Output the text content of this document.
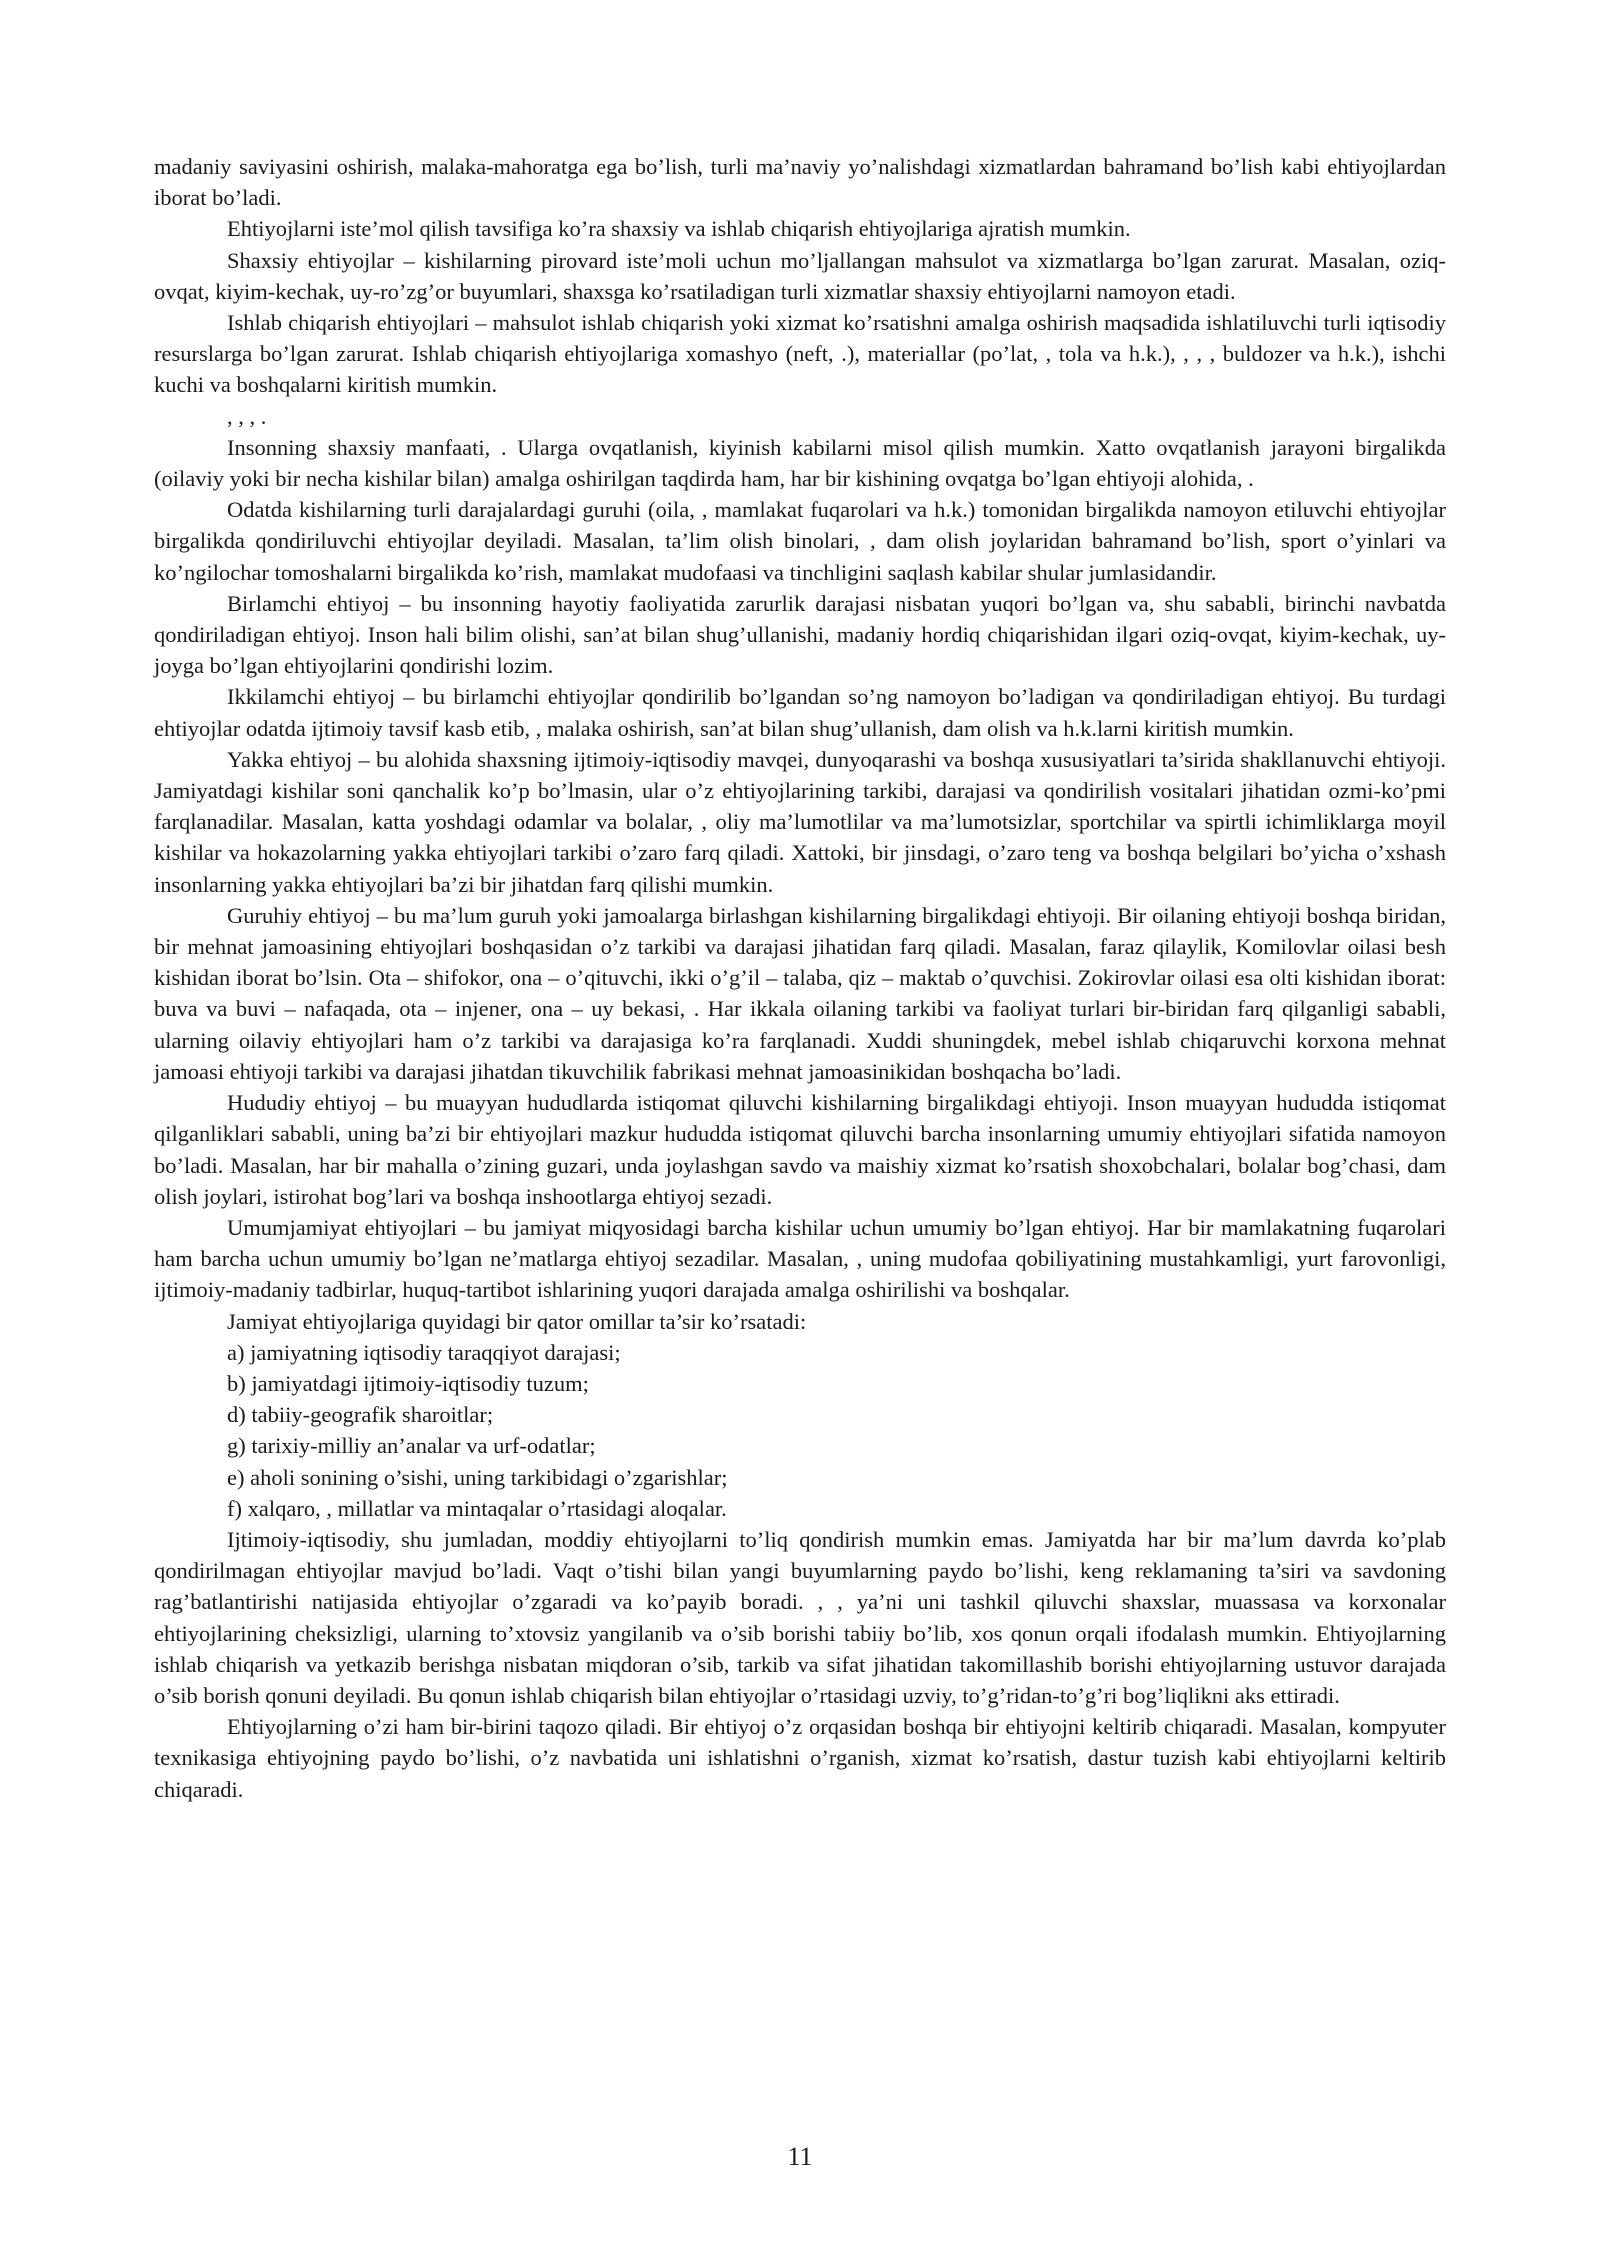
madaniy saviyasini oshirish, malaka-mahoratga ega bo’lish, turli ma’naviy yo’nalishdagi xizmatlardan bahramand bo’lish kabi ehtiyojlardan iborat bo’ladi.

Ehtiyojlarni iste’mol qilish tavsifiga ko’ra shaxsiy va ishlab chiqarish ehtiyojlariga ajratish mumkin.

Shaxsiy ehtiyojlar – kishilarning pirovard iste’moli uchun mo’ljallangan mahsulot va xizmatlarga bo’lgan zarurat. Masalan, oziq-ovqat, kiyim-kechak, uy-ro’zg’or buyumlari, shaxsga ko’rsatiladigan turli xizmatlar shaxsiy ehtiyojlarni namoyon etadi.

Ishlab chiqarish ehtiyojlari – mahsulot ishlab chiqarish yoki xizmat ko’rsatishni amalga oshirish maqsadida ishlatiluvchi turli iqtisodiy resurslarga bo’lgan zarurat. Ishlab chiqarish ehtiyojlariga xomashyo (neft, .), materiallar (po’lat, , tola va h.k.), , , , buldozer va h.k.), ishchi kuchi va boshqalarni kiritish mumkin.

, , , .

Insonning shaxsiy manfaati, . Ularga ovqatlanish, kiyinish kabilarni misol qilish mumkin. Xatto ovqatlanish jarayoni birgalikda (oilaviy yoki bir necha kishilar bilan) amalga oshirilgan taqdirda ham, har bir kishining ovqatga bo’lgan ehtiyoji alohida, .

Odatda kishilarning turli darajalardagi guruhi (oila, , mamlakat fuqarolari va h.k.) tomonidan birgalikda namoyon etiluvchi ehtiyojlar birgalikda qondiriluvchi ehtiyojlar deyiladi. Masalan, ta’lim olish binolari, , dam olish joylaridan bahramand bo’lish, sport o’yinlari va ko’ngilochar tomoshalarni birgalikda ko’rish, mamlakat mudofaasi va tinchligini saqlash kabilar shular jumlasidandir.

Birlamchi ehtiyoj – bu insonning hayotiy faoliyatida zarurlik darajasi nisbatan yuqori bo’lgan va, shu sababli, birinchi navbatda qondiriladigan ehtiyoj. Inson hali bilim olishi, san’at bilan shug’ullanishi, madaniy hordiq chiqarishidan ilgari oziq-ovqat, kiyim-kechak, uy-joyga bo’lgan ehtiyojlarini qondirishi lozim.

Ikkilamchi ehtiyoj – bu birlamchi ehtiyojlar qondirilib bo’lgandan so’ng namoyon bo’ladigan va qondiriladigan ehtiyoj. Bu turdagi ehtiyojlar odatda ijtimoiy tavsif kasb etib, , malaka oshirish, san’at bilan shug’ullanish, dam olish va h.k.larni kiritish mumkin.

Yakka ehtiyoj – bu alohida shaxsning ijtimoiy-iqtisodiy mavqei, dunyoqarashi va boshqa xususiyatlari ta’sirida shakllanuvchi ehtiyoji. Jamiyatdagi kishilar soni qanchalik ko’p bo’lmasin, ular o’z ehtiyojlarining tarkibi, darajasi va qondirilish vositalari jihatidan ozmi-ko’pmi farqlanadilar. Masalan, katta yoshdagi odamlar va bolalar, , oliy ma’lumotlilar va ma’lumotsizlar, sportchilar va spirtli ichimliklarga moyil kishilar va hokazolarning yakka ehtiyojlari tarkibi o’zaro farq qiladi. Xattoki, bir jinsdagi, o’zaro teng va boshqa belgilari bo’yicha o’xshash insonlarning yakka ehtiyojlari ba’zi bir jihatdan farq qilishi mumkin.

Guruhiy ehtiyoj – bu ma’lum guruh yoki jamoalarga birlashgan kishilarning birgalikdagi ehtiyoji. Bir oilaning ehtiyoji boshqa biridan, bir mehnat jamoasining ehtiyojlari boshqasidan o’z tarkibi va darajasi jihatidan farq qiladi. Masalan, faraz qilaylik, Komilovlar oilasi besh kishidan iborat bo’lsin. Ota – shifokor, ona – o’qituvchi, ikki o’g’il – talaba, qiz – maktab o’quvchisi. Zokirovlar oilasi esa olti kishidan iborat: buva va buvi – nafaqada, ota – injener, ona – uy bekasi, . Har ikkala oilaning tarkibi va faoliyat turlari bir-biridan farq qilganligi sababli, ularning oilaviy ehtiyojlari ham o’z tarkibi va darajasiga ko’ra farqlanadi. Xuddi shuningdek, mebel ishlab chiqaruvchi korxona mehnat jamoasi ehtiyoji tarkibi va darajasi jihatdan tikuvchilik fabrikasi mehnat jamoasinikidan boshqacha bo’ladi.

Hududiy ehtiyoj – bu muayyan hududlarda istiqomat qiluvchi kishilarning birgalikdagi ehtiyoji. Inson muayyan hududda istiqomat qilganliklari sababli, uning ba’zi bir ehtiyojlari mazkur hududda istiqomat qiluvchi barcha insonlarning umumiy ehtiyojlari sifatida namoyon bo’ladi. Masalan, har bir mahalla o’zining guzari, unda joylashgan savdo va maishiy xizmat ko’rsatish shoxobchalari, bolalar bog’chasi, dam olish joylari, istirohat bog’lari va boshqa inshootlarga ehtiyoj sezadi.

Umumjamiyat ehtiyojlari – bu jamiyat miqyosidagi barcha kishilar uchun umumiy bo’lgan ehtiyoj. Har bir mamlakatning fuqarolari ham barcha uchun umumiy bo’lgan ne’matlarga ehtiyoj sezadilar. Masalan, , uning mudofaa qobiliyatining mustahkamligi, yurt farovonligi, ijtimoiy-madaniy tadbirlar, huquq-tartibot ishlarining yuqori darajada amalga oshirilishi va boshqalar.

Jamiyat ehtiyojlariga quyidagi bir qator omillar ta’sir ko’rsatadi:

a) jamiyatning iqtisodiy taraqqiyot darajasi;

b) jamiyatdagi ijtimoiy-iqtisodiy tuzum;

d) tabiiy-geografik sharoitlar;

g) tarixiy-milliy an’analar va urf-odatlar;

e) aholi sonining o’sishi, uning tarkibidagi o’zgarishlar;

f) xalqaro, , millatlar va mintaqalar o’rtasidagi aloqalar.

Ijtimoiy-iqtisodiy, shu jumladan, moddiy ehtiyojlarni to’liq qondirish mumkin emas. Jamiyatda har bir ma’lum davrda ko’plab qondirilmagan ehtiyojlar mavjud bo’ladi. Vaqt o’tishi bilan yangi buyumlarning paydo bo’lishi, keng reklamaning ta’siri va savdoning rag’batlantirishi natijasida ehtiyojlar o’zgaradi va ko’payib boradi. , , ya’ni uni tashkil qiluvchi shaxslar, muassasa va korxonalar ehtiyojlarining cheksizligi, ularning to’xtovsiz yangilanib va o’sib borishi tabiiy bo’lib, xos qonun orqali ifodalash mumkin. Ehtiyojlarning ishlab chiqarish va yetkazib berishga nisbatan miqdoran o’sib, tarkib va sifat jihatidan takomillashib borishi ehtiyojlarning ustuvor darajada o’sib borish qonuni deyiladi. Bu qonun ishlab chiqarish bilan ehtiyojlar o’rtasidagi uzviy, to’g’ridan-to’g’ri bog’liqlikni aks ettiradi.

Ehtiyojlarning o’zi ham bir-birini taqozo qiladi. Bir ehtiyoj o’z orqasidan boshqa bir ehtiyojni keltirib chiqaradi. Masalan, kompyuter texnikasiga ehtiyojning paydo bo’lishi, o’z navbatida uni ishlatishni o’rganish, xizmat ko’rsatish, dastur tuzish kabi ehtiyojlarni keltirib chiqaradi.

11
